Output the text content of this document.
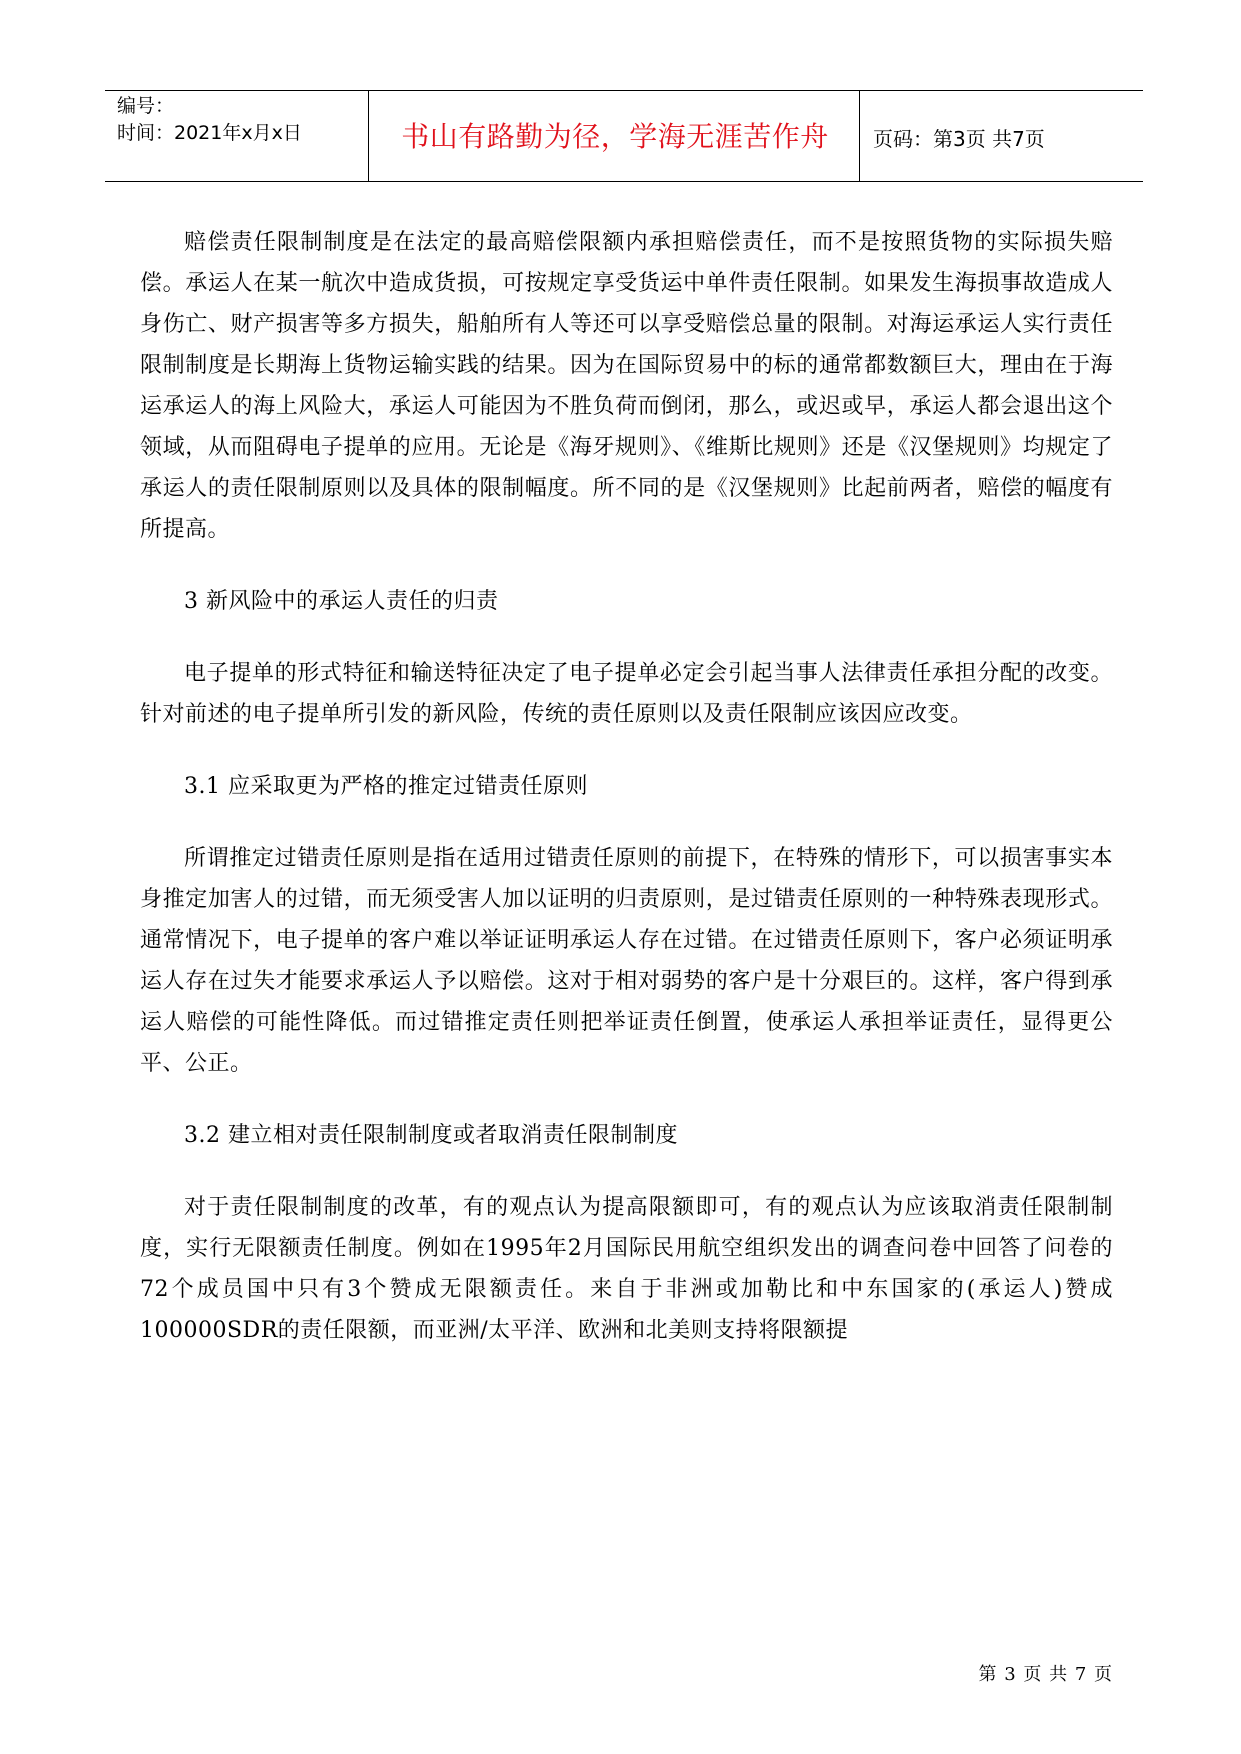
编号：
时间：2021年x月x日	书山有路勤为径，学海无涯苦作舟	页码：第3页 共7页

赔偿责任限制制度是在法定的最高赔偿限额内承担赔偿责任，而不是按照货物的实际损失赔偿。承运人在某一航次中造成货损，可按规定享受货运中单件责任限制。如果发生海损事故造成人身伤亡、财产损害等多方损失，船舶所有人等还可以享受赔偿总量的限制。对海运承运人实行责任限制制度是长期海上货物运输实践的结果。因为在国际贸易中的标的通常都数额巨大，理由在于海运承运人的海上风险大，承运人可能因为不胜负荷而倒闭，那么，或迟或早，承运人都会退出这个领域，从而阻碍电子提单的应用。无论是《海牙规则》、《维斯比规则》还是《汉堡规则》均规定了承运人的责任限制原则以及具体的限制幅度。所不同的是《汉堡规则》比起前两者，赔偿的幅度有所提高。

3 新风险中的承运人责任的归责

电子提单的形式特征和输送特征决定了电子提单必定会引起当事人法律责任承担分配的改变。针对前述的电子提单所引发的新风险，传统的责任原则以及责任限制应该因应改变。

3.1 应采取更为严格的推定过错责任原则

所谓推定过错责任原则是指在适用过错责任原则的前提下，在特殊的情形下，可以损害事实本身推定加害人的过错，而无须受害人加以证明的归责原则，是过错责任原则的一种特殊表现形式。通常情况下，电子提单的客户难以举证证明承运人存在过错。在过错责任原则下，客户必须证明承运人存在过失才能要求承运人予以赔偿。这对于相对弱势的客户是十分艰巨的。这样，客户得到承运人赔偿的可能性降低。而过错推定责任则把举证责任倒置，使承运人承担举证责任，显得更公平、公正。

3.2 建立相对责任限制制度或者取消责任限制制度

对于责任限制制度的改革，有的观点认为提高限额即可，有的观点认为应该取消责任限制制度，实行无限额责任制度。例如在1995年2月国际民用航空组织发出的调查问卷中回答了问卷的72个成员国中只有3个赞成无限额责任。来自于非洲或加勒比和中东国家的(承运人)赞成100000SDR的责任限额，而亚洲/太平洋、欧洲和北美则支持将限额提

第 3 页 共 7 页
